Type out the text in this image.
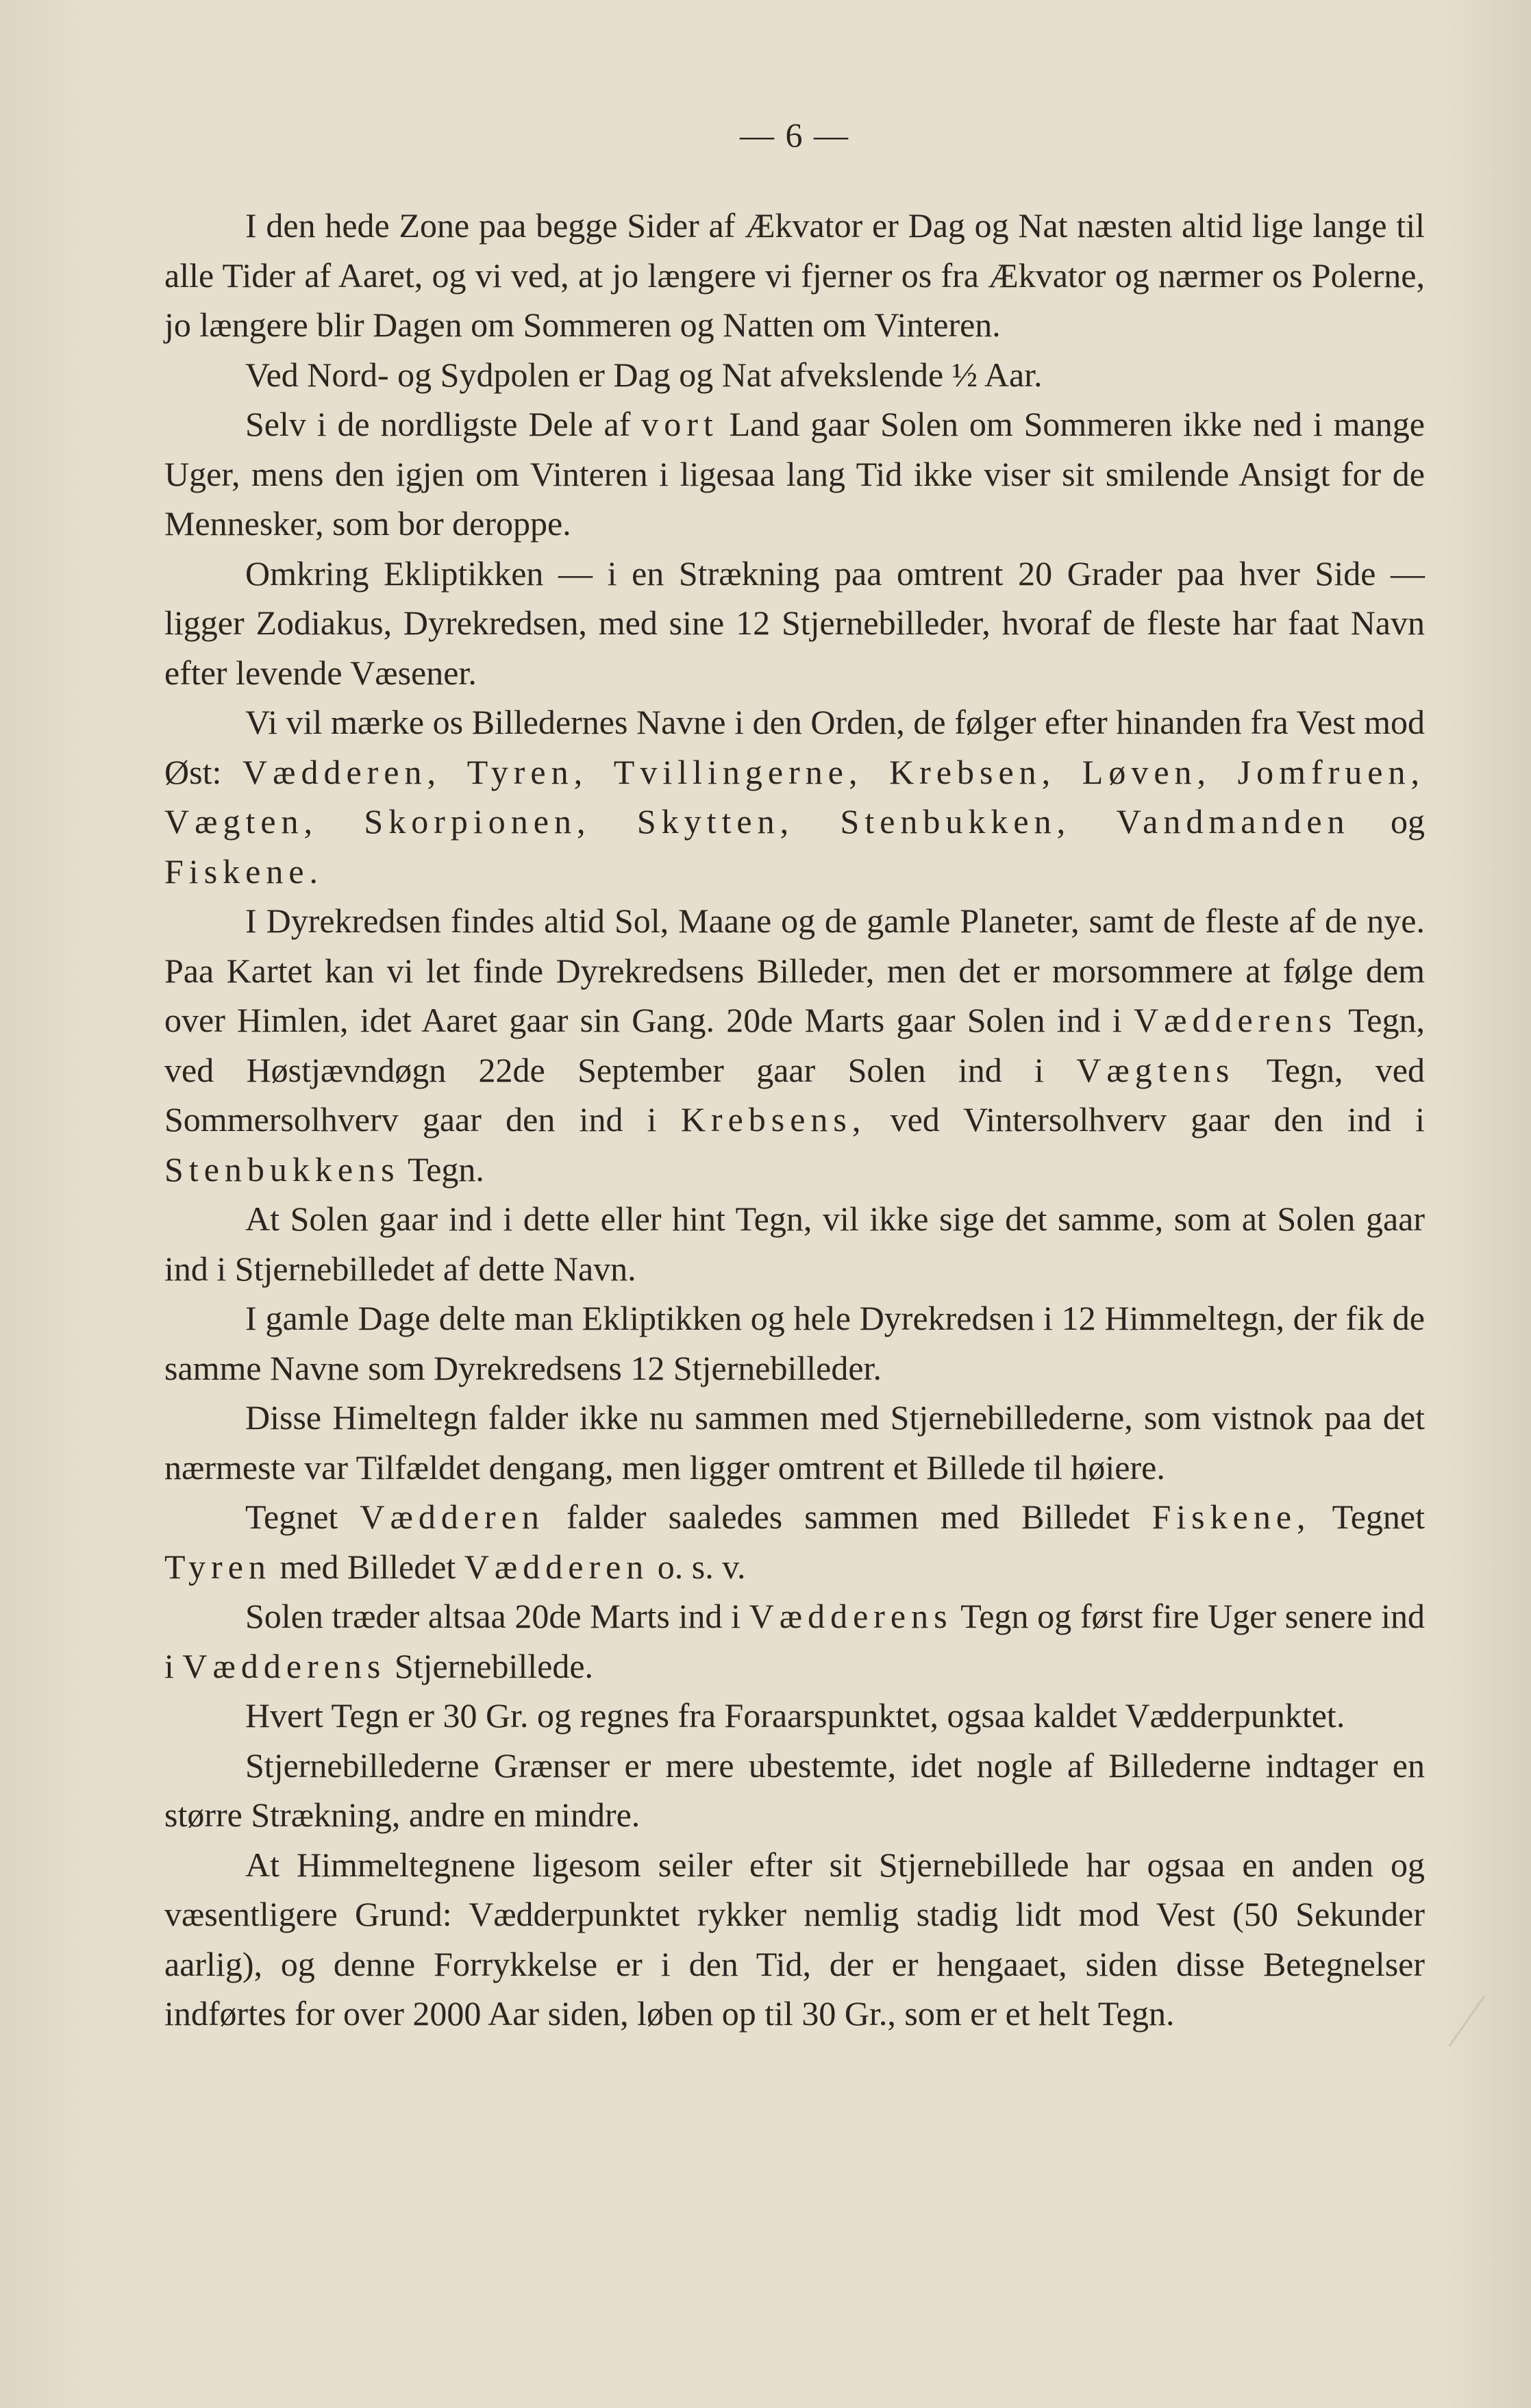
— 6 —

I den hede Zone paa begge Sider af Ækvator er Dag og Nat næsten altid lige lange til alle Tider af Aaret, og vi ved, at jo længere vi fjerner os fra Ækvator og nærmer os Polerne, jo længere blir Dagen om Sommeren og Natten om Vinteren.

Ved Nord- og Sydpolen er Dag og Nat afvekslende ½ Aar.

Selv i de nordligste Dele af vort Land gaar Solen om Sommeren ikke ned i mange Uger, mens den igjen om Vinteren i ligesaa lang Tid ikke viser sit smilende Ansigt for de Mennesker, som bor deroppe.

Omkring Ekliptikken — i en Strækning paa omtrent 20 Grader paa hver Side — ligger Zodiakus, Dyrekredsen, med sine 12 Stjernebilleder, hvoraf de fleste har faat Navn efter levende Væsener.

Vi vil mærke os Billedernes Navne i den Orden, de følger efter hinanden fra Vest mod Øst: Vædderen, Tyren, Tvillingerne, Krebsen, Løven, Jomfruen, Vægten, Skorpionen, Skytten, Stenbukken, Vandmanden og Fiskene.

I Dyrekredsen findes altid Sol, Maane og de gamle Planeter, samt de fleste af de nye. Paa Kartet kan vi let finde Dyrekredsens Billeder, men det er morsommere at følge dem over Himlen, idet Aaret gaar sin Gang. 20de Marts gaar Solen ind i Vædderens Tegn, ved Høstjævndøgn 22de September gaar Solen ind i Vægtens Tegn, ved Sommersolhverv gaar den ind i Krebsens, ved Vintersolhverv gaar den ind i Stenbukkens Tegn.

At Solen gaar ind i dette eller hint Tegn, vil ikke sige det samme, som at Solen gaar ind i Stjernebilledet af dette Navn.

I gamle Dage delte man Ekliptikken og hele Dyrekredsen i 12 Himmeltegn, der fik de samme Navne som Dyrekredsens 12 Stjernebilleder.

Disse Himeltegn falder ikke nu sammen med Stjernebillederne, som vistnok paa det nærmeste var Tilfældet dengang, men ligger omtrent et Billede til høiere.

Tegnet Vædderen falder saaledes sammen med Billedet Fiskene, Tegnet Tyren med Billedet Vædderen o. s. v.

Solen træder altsaa 20de Marts ind i Vædderens Tegn og først fire Uger senere ind i Vædderens Stjernebillede.

Hvert Tegn er 30 Gr. og regnes fra Foraarspunktet, ogsaa kaldet Vædderpunktet.

Stjernebillederne Grænser er mere ubestemte, idet nogle af Billederne indtager en større Strækning, andre en mindre.

At Himmeltegnene ligesom seiler efter sit Stjernebillede har ogsaa en anden og væsentligere Grund: Vædderpunktet rykker nemlig stadig lidt mod Vest (50 Sekunder aarlig), og denne Forrykkelse er i den Tid, der er hengaaet, siden disse Betegnelser indførtes for over 2000 Aar siden, løben op til 30 Gr., som er et helt Tegn.
